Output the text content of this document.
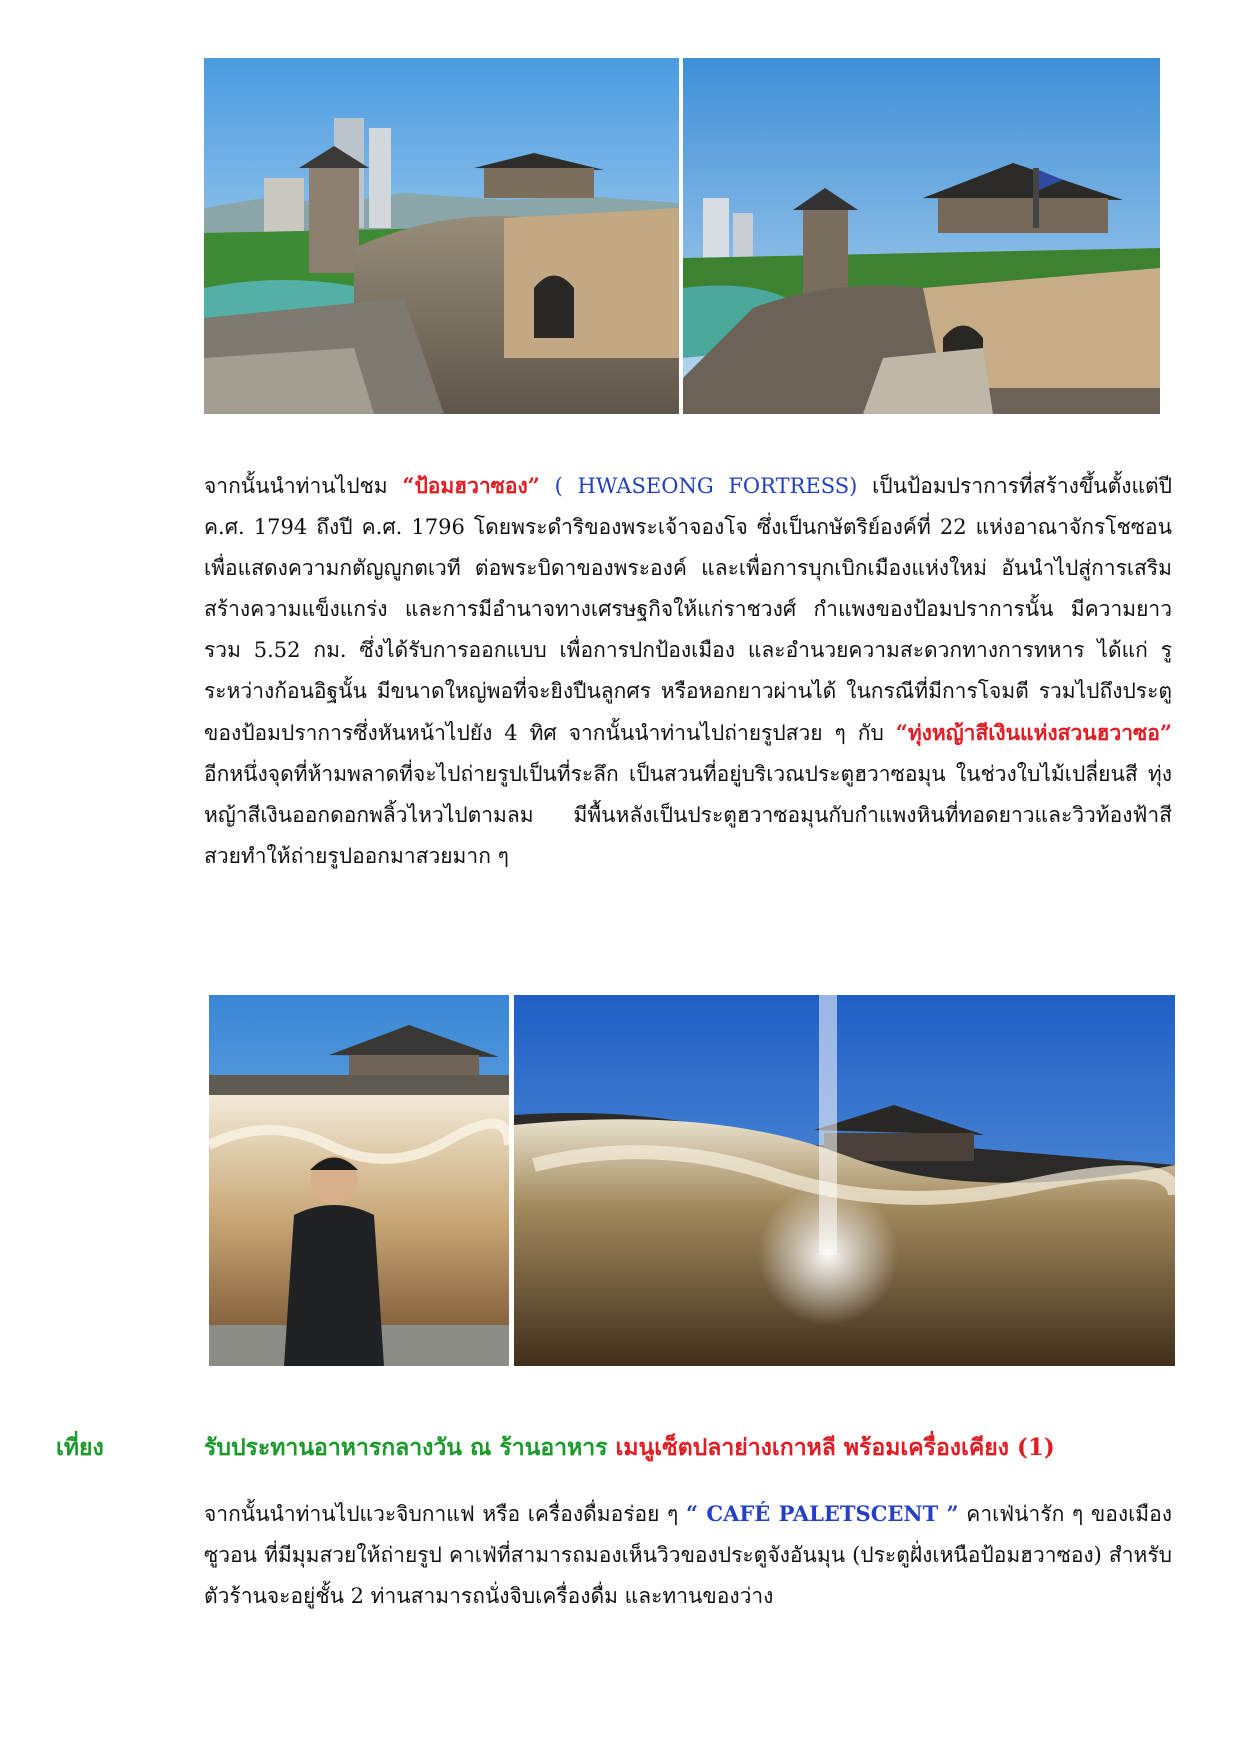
จากนั้นนำท่านไปชม “ป้อมฮวาซอง” ( HWASEONG FORTRESS) เป็นป้อมปราการที่สร้างขึ้นตั้งแต่ปี ค.ศ. 1794 ถึงปี ค.ศ. 1796 โดยพระดำริของพระเจ้าจองโจ ซึ่งเป็นกษัตริย์องค์ที่ 22 แห่งอาณาจักรโชซอน เพื่อแสดงความกตัญญูกตเวที ต่อพระบิดาของพระองค์ และเพื่อการบุกเบิกเมืองแห่งใหม่ อันนำไปสู่การเสริมสร้างความแข็งแกร่ง และการมีอำนาจทางเศรษฐกิจให้แก่ราชวงศ์ กำแพงของป้อมปราการนั้น มีความยาวรวม 5.52 กม. ซึ่งได้รับการออกแบบ เพื่อการปกป้องเมือง และอำนวยความสะดวกทางการทหาร ได้แก่ รูระหว่างก้อนอิฐนั้น มีขนาดใหญ่พอที่จะยิงปืนลูกศร หรือหอกยาวผ่านได้ ในกรณีที่มีการโจมตี รวมไปถึงประตูของป้อมปราการซึ่งหันหน้าไปยัง 4 ทิศ จากนั้นนำท่านไปถ่ายรูปสวย ๆ กับ “ทุ่งหญ้าสีเงินแห่งสวนฮวาซอ” อีกหนึ่งจุดที่ห้ามพลาดที่จะไปถ่ายรูปเป็นที่ระลึก เป็นสวนที่อยู่บริเวณประตูฮวาซอมุน ในช่วงใบไม้เปลี่ยนสี ทุ่งหญ้าสีเงินออกดอกพลิ้วไหวไปตามลม มีพื้นหลังเป็นประตูฮวาซอมุนกับกำแพงหินที่ทอดยาวและวิวท้องฟ้าสีสวยทำให้ถ่ายรูปออกมาสวยมาก ๆ
เที่ยง	รับประทานอาหารกลางวัน ณ ร้านอาหาร เมนูเซ็ตปลาย่างเกาหลี พร้อมเครื่องเคียง (1)
จากนั้นนำท่านไปแวะจิบกาแฟ หรือ เครื่องดื่มอร่อย ๆ “ CAFÉ PALETSCENT ” คาเฟ่น่ารัก ๆ ของเมืองซูวอน ที่มีมุมสวยให้ถ่ายรูป คาเฟ่ที่สามารถมองเห็นวิวของประตูจังอันมุน (ประตูฝั่งเหนือป้อมฮวาซอง) สำหรับตัวร้านจะอยู่ชั้น 2 ท่านสามารถนั่งจิบเครื่องดื่ม และทานของว่าง
